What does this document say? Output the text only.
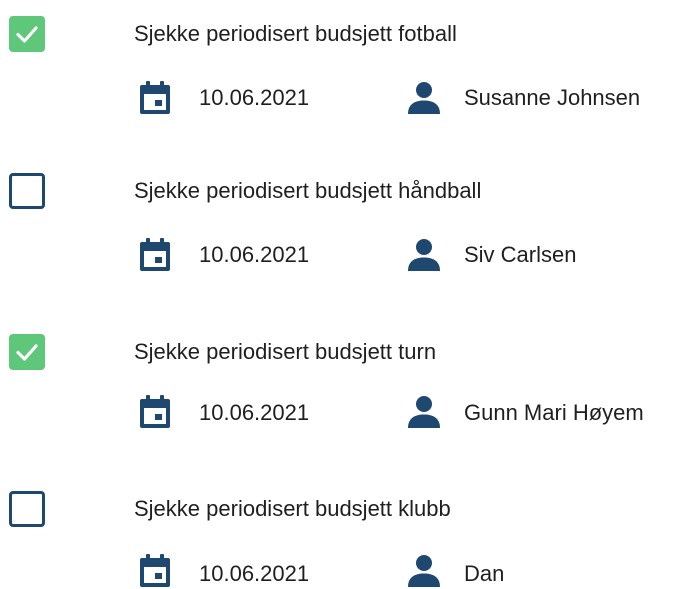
Sjekke periodisert budsjett fotball
10.06.2021	Susanne Johnsen
Sjekke periodisert budsjett håndball
10.06.2021	Siv Carlsen
Sjekke periodisert budsjett turn
10.06.2021	Gunn Mari Høyem
Sjekke periodisert budsjett klubb
10.06.2021	Dan
